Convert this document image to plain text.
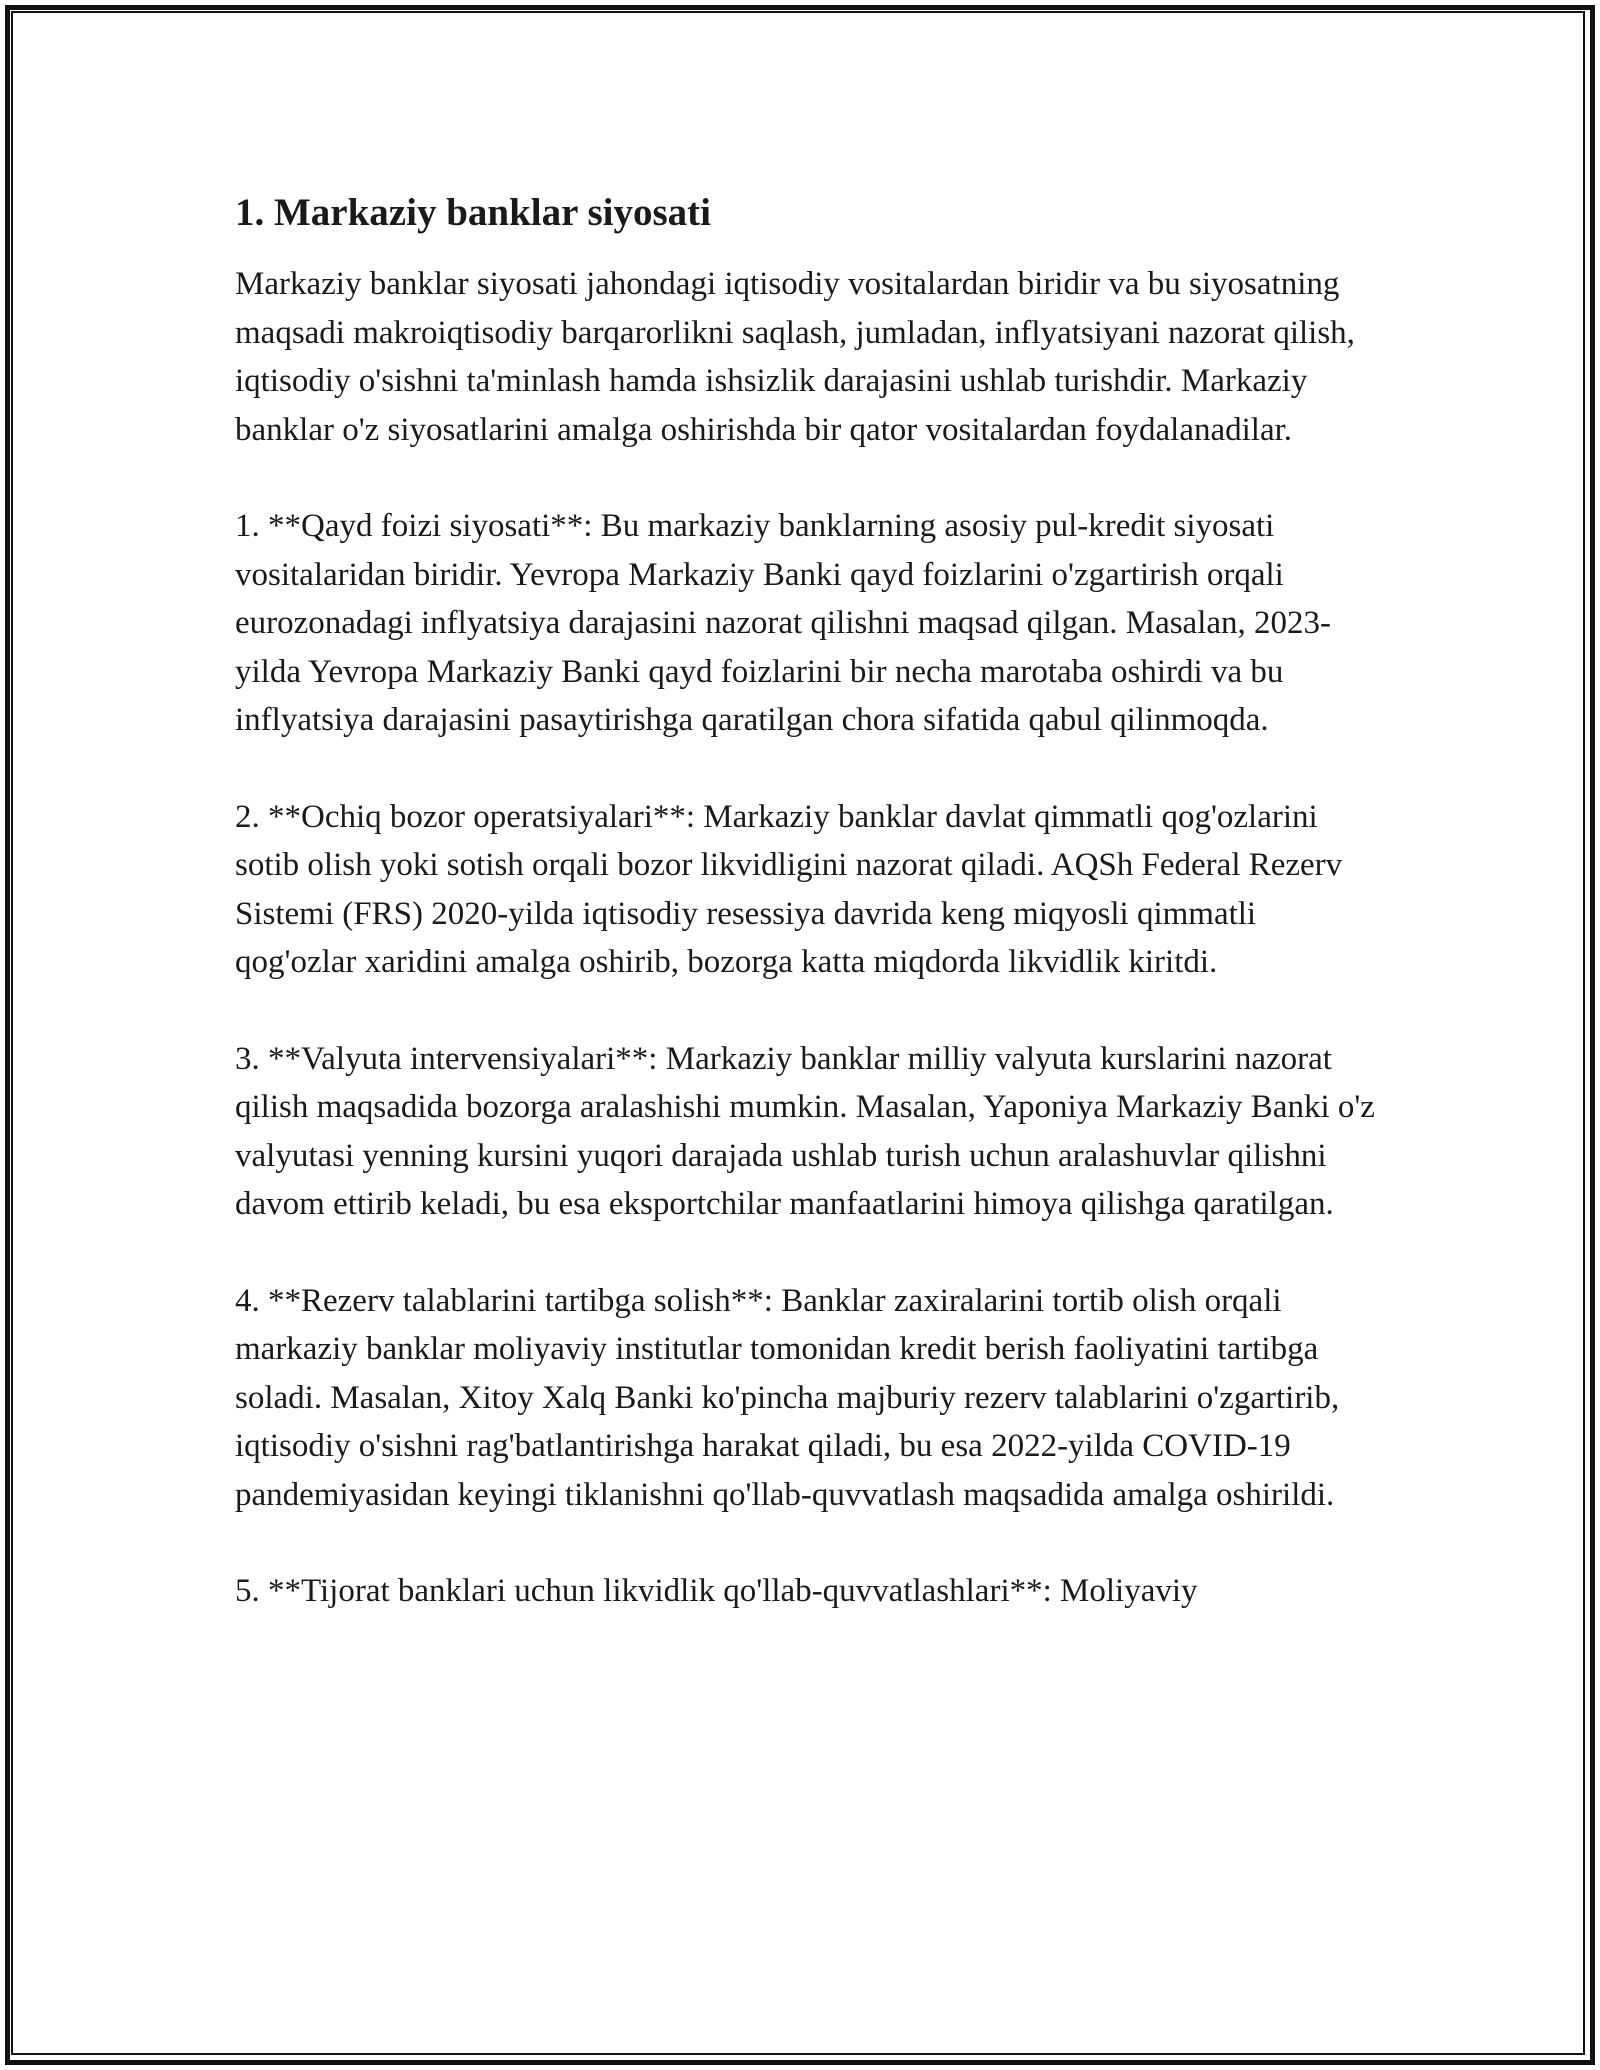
1. Markaziy banklar siyosati

Markaziy banklar siyosati jahondagi iqtisodiy vositalardan biridir va bu siyosatning maqsadi makroiqtisodiy barqarorlikni saqlash, jumladan, inflyatsiyani nazorat qilish, iqtisodiy o'sishni ta'minlash hamda ishsizlik darajasini ushlab turishdir. Markaziy banklar o'z siyosatlarini amalga oshirishda bir qator vositalardan foydalanadilar.

1. **Qayd foizi siyosati**: Bu markaziy banklarning asosiy pul-kredit siyosati vositalaridan biridir. Yevropa Markaziy Banki qayd foizlarini o'zgartirish orqali eurozonadagi inflyatsiya darajasini nazorat qilishni maqsad qilgan. Masalan, 2023-yilda Yevropa Markaziy Banki qayd foizlarini bir necha marotaba oshirdi va bu inflyatsiya darajasini pasaytirishga qaratilgan chora sifatida qabul qilinmoqda.

2. **Ochiq bozor operatsiyalari**: Markaziy banklar davlat qimmatli qog'ozlarini sotib olish yoki sotish orqali bozor likvidligini nazorat qiladi. AQSh Federal Rezerv Sistemi (FRS) 2020-yilda iqtisodiy resessiya davrida keng miqyosli qimmatli qog'ozlar xaridini amalga oshirib, bozorga katta miqdorda likvidlik kiritdi.

3. **Valyuta intervensiyalari**: Markaziy banklar milliy valyuta kurslarini nazorat qilish maqsadida bozorga aralashishi mumkin. Masalan, Yaponiya Markaziy Banki o'z valyutasi yenning kursini yuqori darajada ushlab turish uchun aralashuvlar qilishni davom ettirib keladi, bu esa eksportchilar manfaatlarini himoya qilishga qaratilgan.

4. **Rezerv talablarini tartibga solish**: Banklar zaxiralarini tortib olish orqali markaziy banklar moliyaviy institutlar tomonidan kredit berish faoliyatini tartibga soladi. Masalan, Xitoy Xalq Banki ko'pincha majburiy rezerv talablarini o'zgartirib, iqtisodiy o'sishni rag'batlantirishga harakat qiladi, bu esa 2022-yilda COVID-19 pandemiyasidan keyingi tiklanishni qo'llab-quvvatlash maqsadida amalga oshirildi.

5. **Tijorat banklari uchun likvidlik qo'llab-quvvatlashlari**: Moliyaviy
